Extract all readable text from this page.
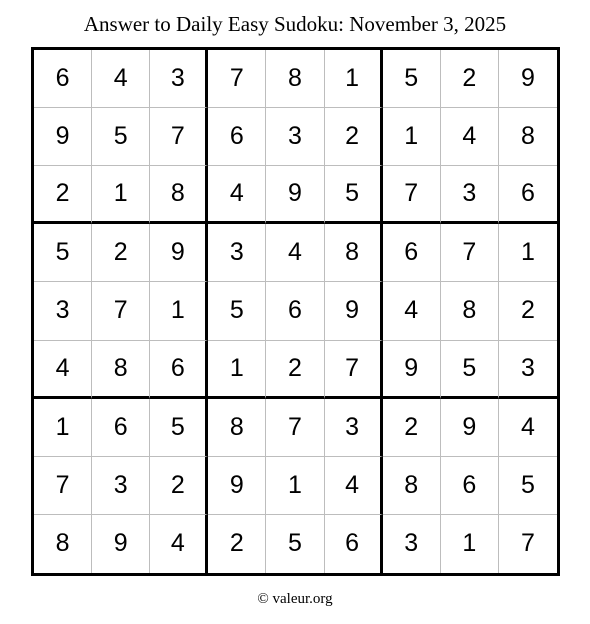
Answer to Daily Easy Sudoku: November 3, 2025
6	4	3	7	8	1	5	2	9
9	5	7	6	3	2	1	4	8
2	1	8	4	9	5	7	3	6
5	2	9	3	4	8	6	7	1
3	7	1	5	6	9	4	8	2
4	8	6	1	2	7	9	5	3
1	6	5	8	7	3	2	9	4
7	3	2	9	1	4	8	6	5
8	9	4	2	5	6	3	1	7
© valeur.org
